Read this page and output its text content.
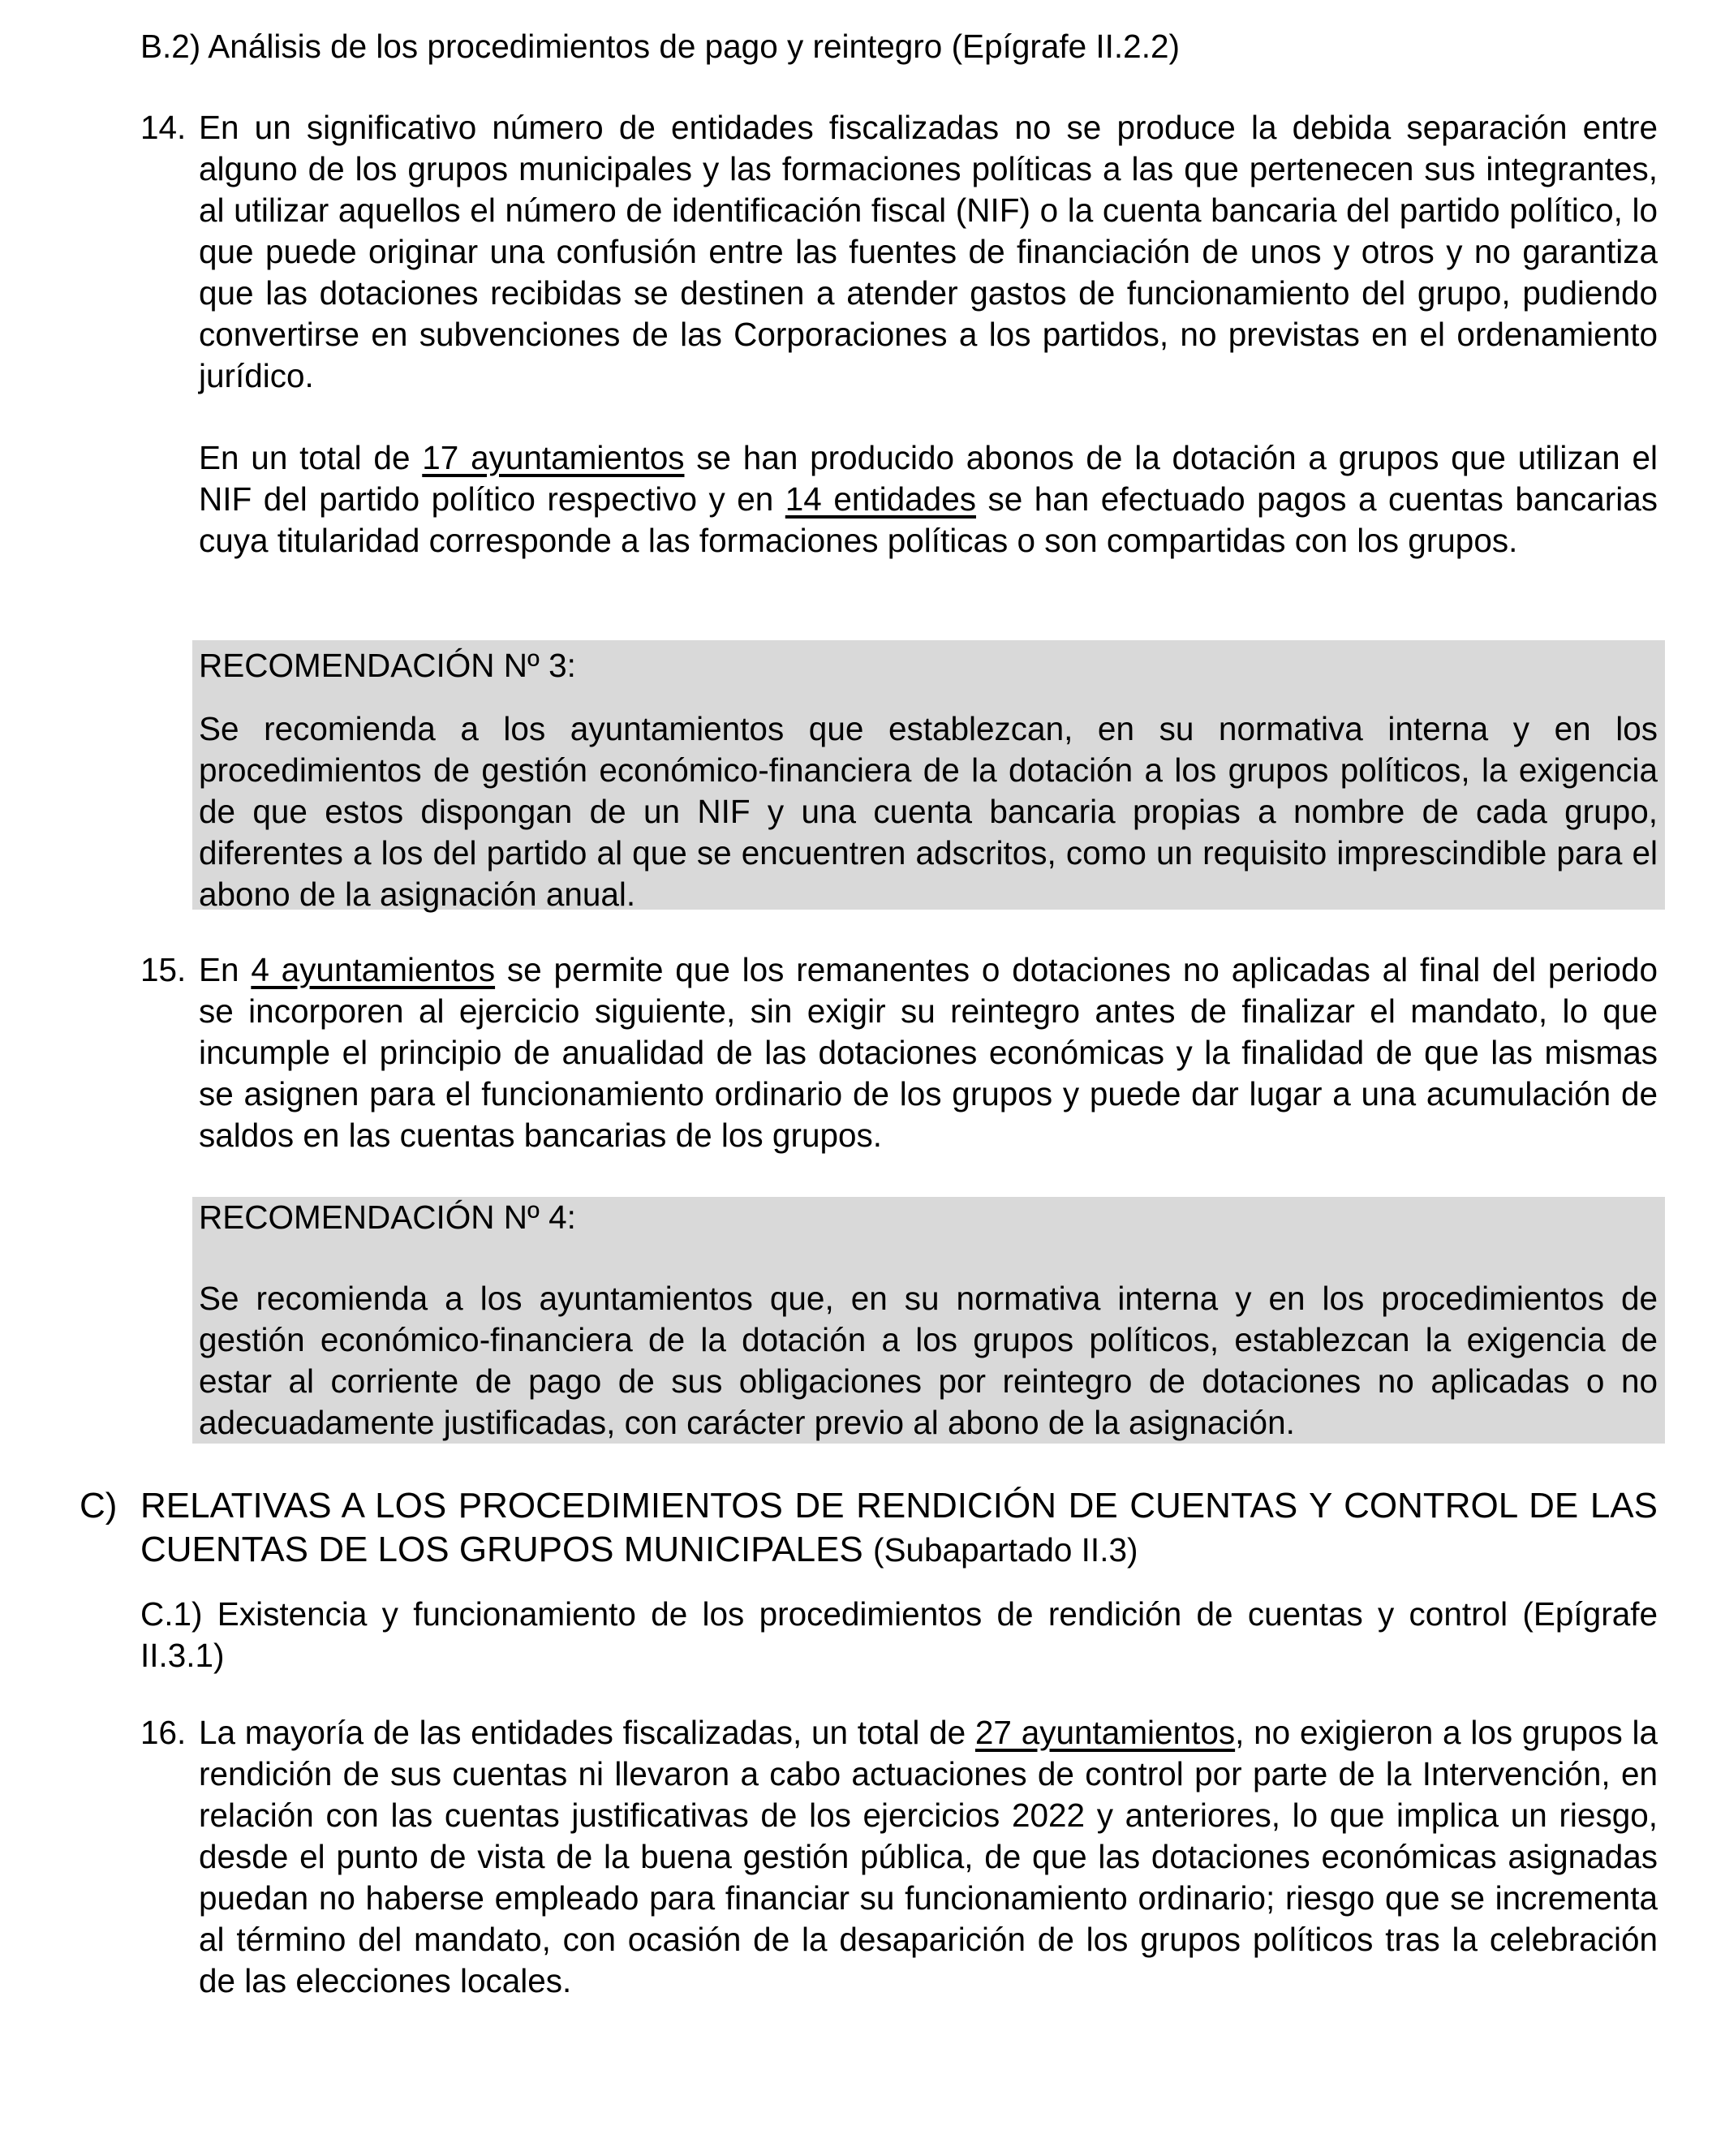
B.2) Análisis de los procedimientos de pago y reintegro (Epígrafe II.2.2)
14. En un significativo número de entidades fiscalizadas no se produce la debida separación entre alguno de los grupos municipales y las formaciones políticas a las que pertenecen sus integrantes, al utilizar aquellos el número de identificación fiscal (NIF) o la cuenta bancaria del partido político, lo que puede originar una confusión entre las fuentes de financiación de unos y otros y no garantiza que las dotaciones recibidas se destinen a atender gastos de funcionamiento del grupo, pudiendo convertirse en subvenciones de las Corporaciones a los partidos, no previstas en el ordenamiento jurídico.
En un total de 17 ayuntamientos se han producido abonos de la dotación a grupos que utilizan el NIF del partido político respectivo y en 14 entidades se han efectuado pagos a cuentas bancarias cuya titularidad corresponde a las formaciones políticas o son compartidas con los grupos.
RECOMENDACIÓN Nº 3:
Se recomienda a los ayuntamientos que establezcan, en su normativa interna y en los procedimientos de gestión económico-financiera de la dotación a los grupos políticos, la exigencia de que estos dispongan de un NIF y una cuenta bancaria propias a nombre de cada grupo, diferentes a los del partido al que se encuentren adscritos, como un requisito imprescindible para el abono de la asignación anual.
15. En 4 ayuntamientos se permite que los remanentes o dotaciones no aplicadas al final del periodo se incorporen al ejercicio siguiente, sin exigir su reintegro antes de finalizar el mandato, lo que incumple el principio de anualidad de las dotaciones económicas y la finalidad de que las mismas se asignen para el funcionamiento ordinario de los grupos y puede dar lugar a una acumulación de saldos en las cuentas bancarias de los grupos.
RECOMENDACIÓN Nº 4:
Se recomienda a los ayuntamientos que, en su normativa interna y en los procedimientos de gestión económico-financiera de la dotación a los grupos políticos, establezcan la exigencia de estar al corriente de pago de sus obligaciones por reintegro de dotaciones no aplicadas o no adecuadamente justificadas, con carácter previo al abono de la asignación.
C) RELATIVAS A LOS PROCEDIMIENTOS DE RENDICIÓN DE CUENTAS Y CONTROL DE LAS CUENTAS DE LOS GRUPOS MUNICIPALES (Subapartado II.3)
C.1) Existencia y funcionamiento de los procedimientos de rendición de cuentas y control (Epígrafe II.3.1)
16. La mayoría de las entidades fiscalizadas, un total de 27 ayuntamientos, no exigieron a los grupos la rendición de sus cuentas ni llevaron a cabo actuaciones de control por parte de la Intervención, en relación con las cuentas justificativas de los ejercicios 2022 y anteriores, lo que implica un riesgo, desde el punto de vista de la buena gestión pública, de que las dotaciones económicas asignadas puedan no haberse empleado para financiar su funcionamiento ordinario; riesgo que se incrementa al término del mandato, con ocasión de la desaparición de los grupos políticos tras la celebración de las elecciones locales.
